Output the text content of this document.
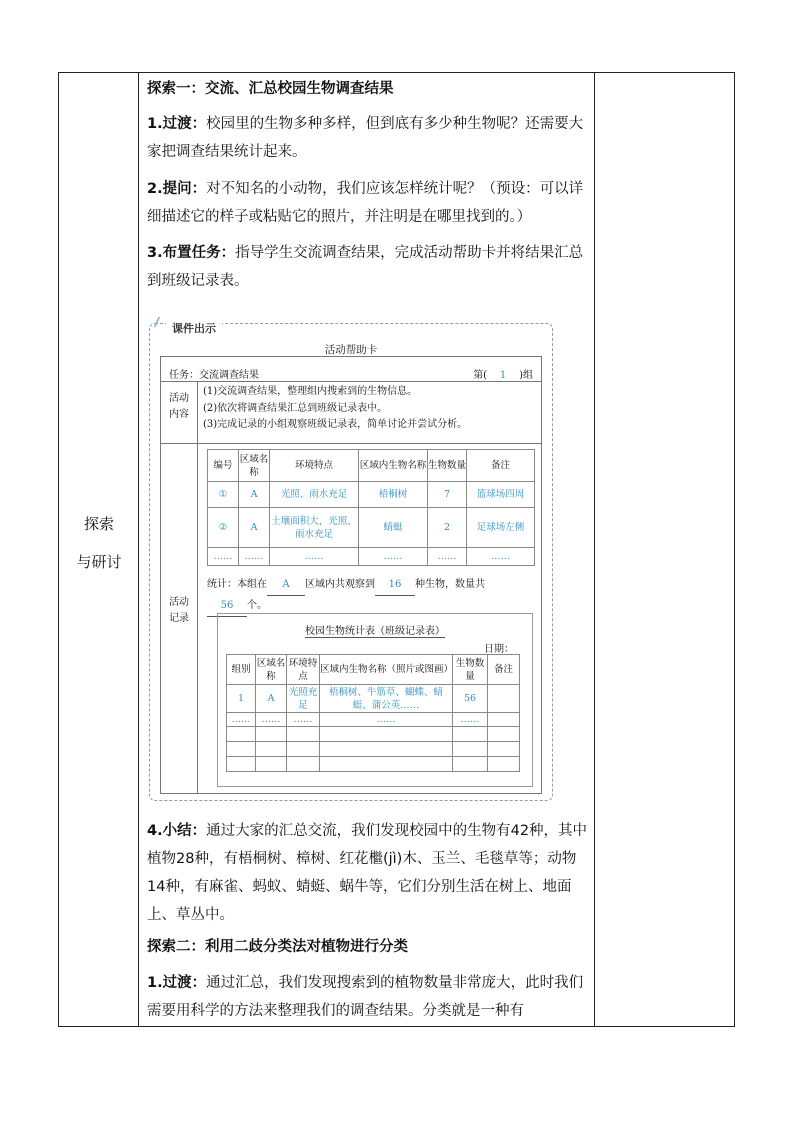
探索
与研讨
探索一：交流、汇总校园生物调查结果
1.过渡：校园里的生物多种多样，但到底有多少种生物呢？还需要大家把调查结果统计起来。
2.提问：对不知名的小动物，我们应该怎样统计呢？（预设：可以详细描述它的样子或粘贴它的照片，并注明是在哪里找到的。）
3.布置任务：指导学生交流调查结果，完成活动帮助卡并将结果汇总到班级记录表。
课件出示
活动帮助卡
任务：交流调查结果	第( 1 )组
活动内容
(1)交流调查结果，整理组内搜索到的生物信息。
(2)依次将调查结果汇总到班级记录表中。
(3)完成记录的小组观察班级记录表，简单讨论并尝试分析。
活动记录
编号	区域名称	环境特点	区域内生物名称	生物数量	备注
①	A	光照、雨水充足	梧桐树	7	篮球场四周
②	A	土壤面积大，光照、雨水充足	蜻蜓	2	足球场左侧
……	……	……	……	……	……
统计：本组在 A 区域内共观察到 16 种生物，数量共
56 个。
校园生物统计表（班级记录表）
日期：
组别	区域名称	环境特点	区域内生物名称（照片或图画）	生物数量	备注
1	A	光照充足	梧桐树、牛筋草、蝴蝶、蜻蜓、蒲公英……	56	
……	……	……	……	……	

4.小结：通过大家的汇总交流，我们发现校园中的生物有42种，其中植物28种，有梧桐树、樟树、红花檵(jì)木、玉兰、毛毯草等；动物14种，有麻雀、蚂蚁、蜻蜓、蜗牛等，它们分别生活在树上、地面上、草丛中。
探索二：利用二歧分类法对植物进行分类
1.过渡：通过汇总，我们发现搜索到的植物数量非常庞大，此时我们需要用科学的方法来整理我们的调查结果。分类就是一种有
